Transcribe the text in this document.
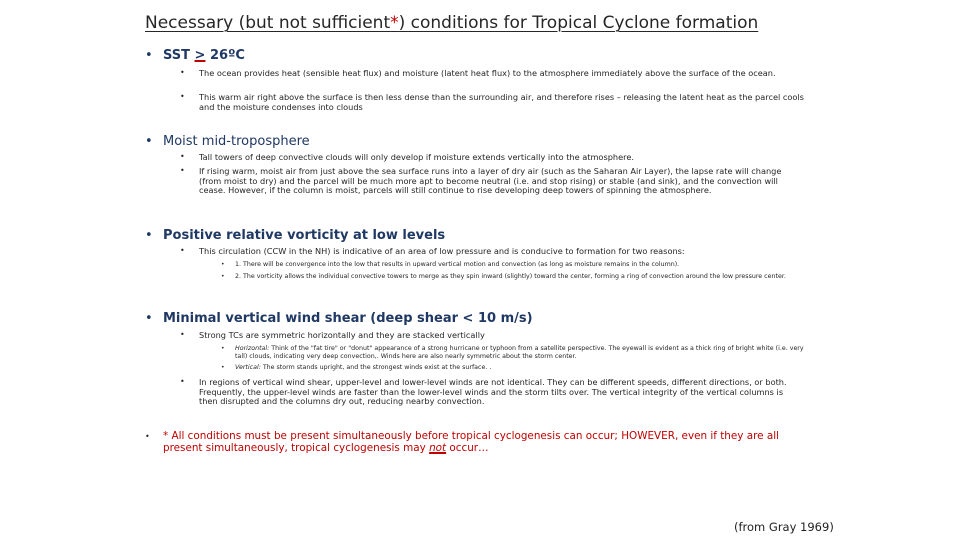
Necessary (but not sufficient*) conditions for Tropical Cyclone formation
• SST > 26ºC
• The ocean provides heat (sensible heat flux) and moisture (latent heat flux) to the atmosphere immediately above the surface of the ocean.
• This warm air right above the surface is then less dense than the surrounding air, and therefore rises – releasing the latent heat as the parcel cools and the moisture condenses into clouds
• Moist mid-troposphere
• Tall towers of deep convective clouds will only develop if moisture extends vertically into the atmosphere.
• If rising warm, moist air from just above the sea surface runs into a layer of dry air (such as the Saharan Air Layer), the lapse rate will change (from moist to dry) and the parcel will be much more apt to become neutral (i.e. and stop rising) or stable (and sink), and the convection will cease. However, if the column is moist, parcels will still continue to rise developing deep towers of spinning the atmosphere.
• Positive relative vorticity at low levels
• This circulation (CCW in the NH) is indicative of an area of low pressure and is conducive to formation for two reasons:
• 1. There will be convergence into the low that results in upward vertical motion and convection (as long as moisture remains in the column).
• 2. The vorticity allows the individual convective towers to merge as they spin inward (slightly) toward the center, forming a ring of convection around the low pressure center.
• Minimal vertical wind shear (deep shear < 10 m/s)
• Strong TCs are symmetric horizontally and they are stacked vertically
• Horizontal: Think of the "fat tire" or "donut" appearance of a strong hurricane or typhoon from a satellite perspective. The eyewall is evident as a thick ring of bright white (i.e. very tall) clouds, indicating very deep convection,. Winds here are also nearly symmetric about the storm center.
• Vertical: The storm stands upright, and the strongest winds exist at the surface. .
• In regions of vertical wind shear, upper-level and lower-level winds are not identical. They can be different speeds, different directions, or both. Frequently, the upper-level winds are faster than the lower-level winds and the storm tilts over. The vertical integrity of the vertical columns is then disrupted and the columns dry out, reducing nearby convection.
• * All conditions must be present simultaneously before tropical cyclogenesis can occur; HOWEVER, even if they are all present simultaneously, tropical cyclogenesis may not occur…
(from Gray 1969)
